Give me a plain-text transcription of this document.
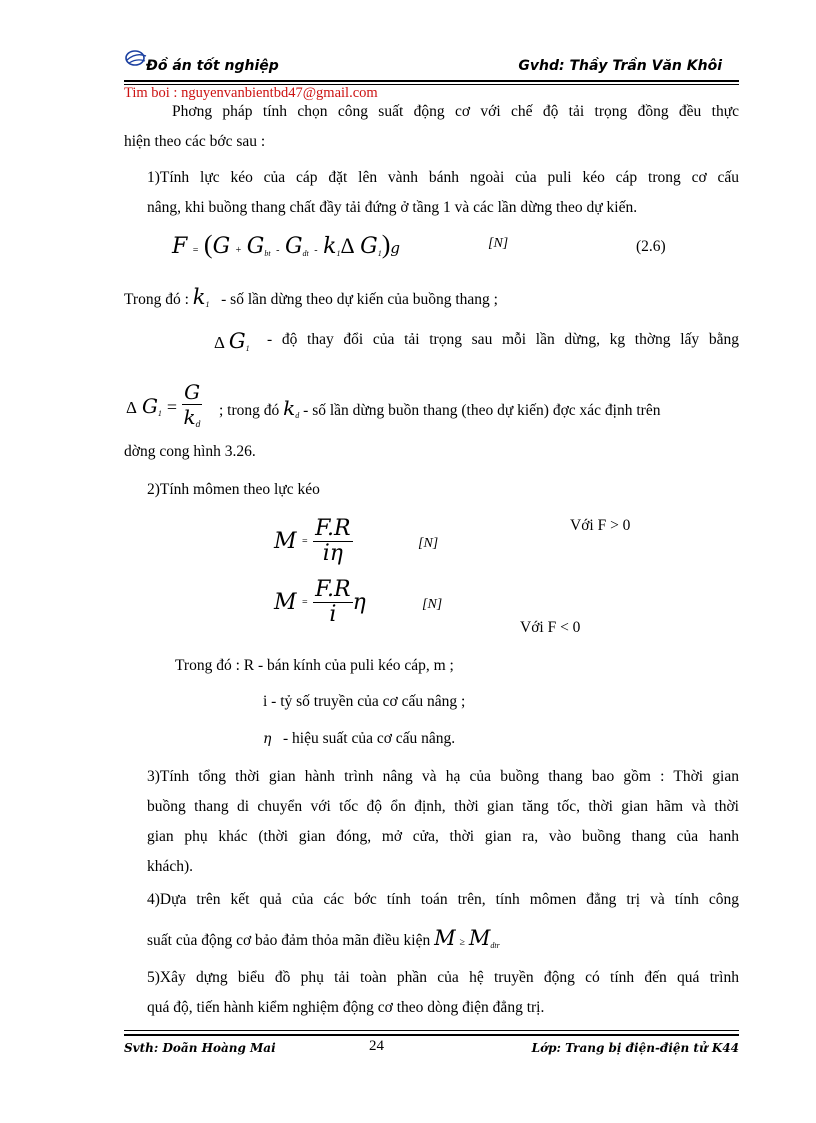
Đồ án tốt nghiệp	Gvhd: Thầy Trần Văn Khôi
Tim boi : nguyenvanbientbd47@gmail.com
Phơng pháp tính chọn công suất động cơ với chế độ tải trọng đồng đều thực
hiện theo các bớc sau :
1)Tính lực kéo của cáp đặt lên vành bánh ngoài của puli kéo cáp trong cơ cấu
nâng, khi buồng thang chất đầy tải đứng ở tầng 1 và các lần dừng theo dự kiến.
$F = (G + G_{bt} - G_{dt} - k_1\Delta$ $G_1)g$	[N]	(2.6)
Trong đó : $k_1$ - số lần dừng theo dự kiến của buồng thang ;
Δ $G_1$
- độ thay đổi của tải trọng sau mỗi lần dừng, kg thờng lấy bằng
Δ $G_1 = \frac{G}{k_d}$ ; trong đó $k_d$ - số lần dừng buồn thang (theo dự kiến) đợc xác định trên
dờng cong hình 3.26.
2)Tính mômen theo lực kéo
$M = \frac{F.R}{i\eta}$	[N]
Với F > 0
$M = \frac{F.R}{i}$ η	[N]
Với F < 0
Trong đó : R - bán kính của puli kéo cáp, m ;
i - tỷ số truyền của cơ cấu nâng ;
η - hiệu suất của cơ cấu nâng.
3)Tính tổng thời gian hành trình nâng và hạ của buồng thang bao gồm : Thời gian
buồng thang di chuyển với tốc độ ổn định, thời gian tăng tốc, thời gian hãm và thời
gian phụ khác (thời gian đóng, mở cửa, thời gian ra, vào buồng thang của hanh
khách).
4)Dựa trên kết quả của các bớc tính toán trên, tính mômen đẳng trị và tính công
suất của động cơ bảo đảm thỏa mãn điều kiện $M \ge M_{dtr}$
5)Xây dựng biểu đồ phụ tải toàn phần của hệ truyền động có tính đến quá trình
quá độ, tiến hành kiểm nghiệm động cơ theo dòng điện đẳng trị.
Svth: Doãn Hoàng Mai	24	Lớp: Trang bị điện-điện tử K44
